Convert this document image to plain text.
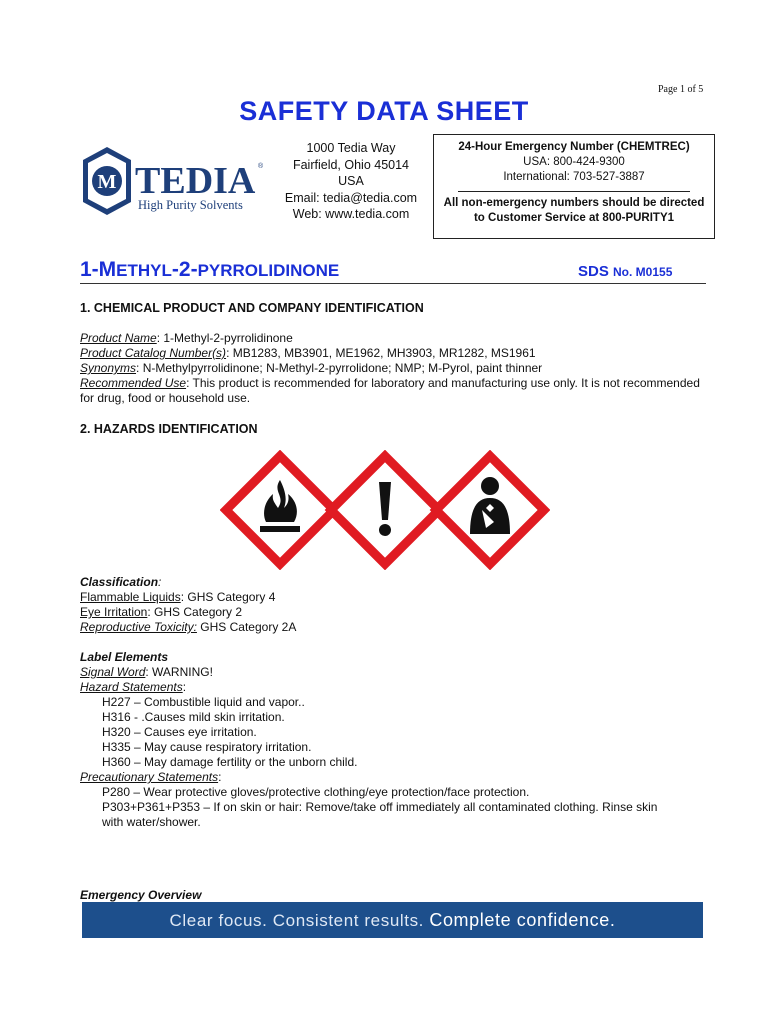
Page 1 of 5
SAFETY DATA SHEET
M TEDIA ®
High Purity Solvents
1000 Tedia Way
Fairfield, Ohio 45014
USA
Email: tedia@tedia.com
Web: www.tedia.com
24-Hour Emergency Number (CHEMTREC)
USA: 800-424-9300
International: 703-527-3887
All non-emergency numbers should be directed
to Customer Service at 800-PURITY1
1-METHYL-2-PYRROLIDINONE	SDS No. M0155
1. CHEMICAL PRODUCT AND COMPANY IDENTIFICATION
Product Name: 1-Methyl-2-pyrrolidinone
Product Catalog Number(s): MB1283, MB3901, ME1962, MH3903, MR1282, MS1961
Synonyms: N-Methylpyrrolidinone; N-Methyl-2-pyrrolidone; NMP; M-Pyrol, paint thinner
Recommended Use: This product is recommended for laboratory and manufacturing use only. It is not recommended for drug, food or household use.
2. HAZARDS IDENTIFICATION
Classification:
Flammable Liquids: GHS Category 4
Eye Irritation: GHS Category 2
Reproductive Toxicity: GHS Category 2A
Label Elements
Signal Word: WARNING!
Hazard Statements:
H227 – Combustible liquid and vapor..
H316 - .Causes mild skin irritation.
H320 – Causes eye irritation.
H335 – May cause respiratory irritation.
H360 – May damage fertility or the unborn child.
Precautionary Statements:
P280 – Wear protective gloves/protective clothing/eye protection/face protection.
P303+P361+P353 – If on skin or hair: Remove/take off immediately all contaminated clothing. Rinse skin with water/shower.
Emergency Overview
Clear focus. Consistent results. Complete confidence.
